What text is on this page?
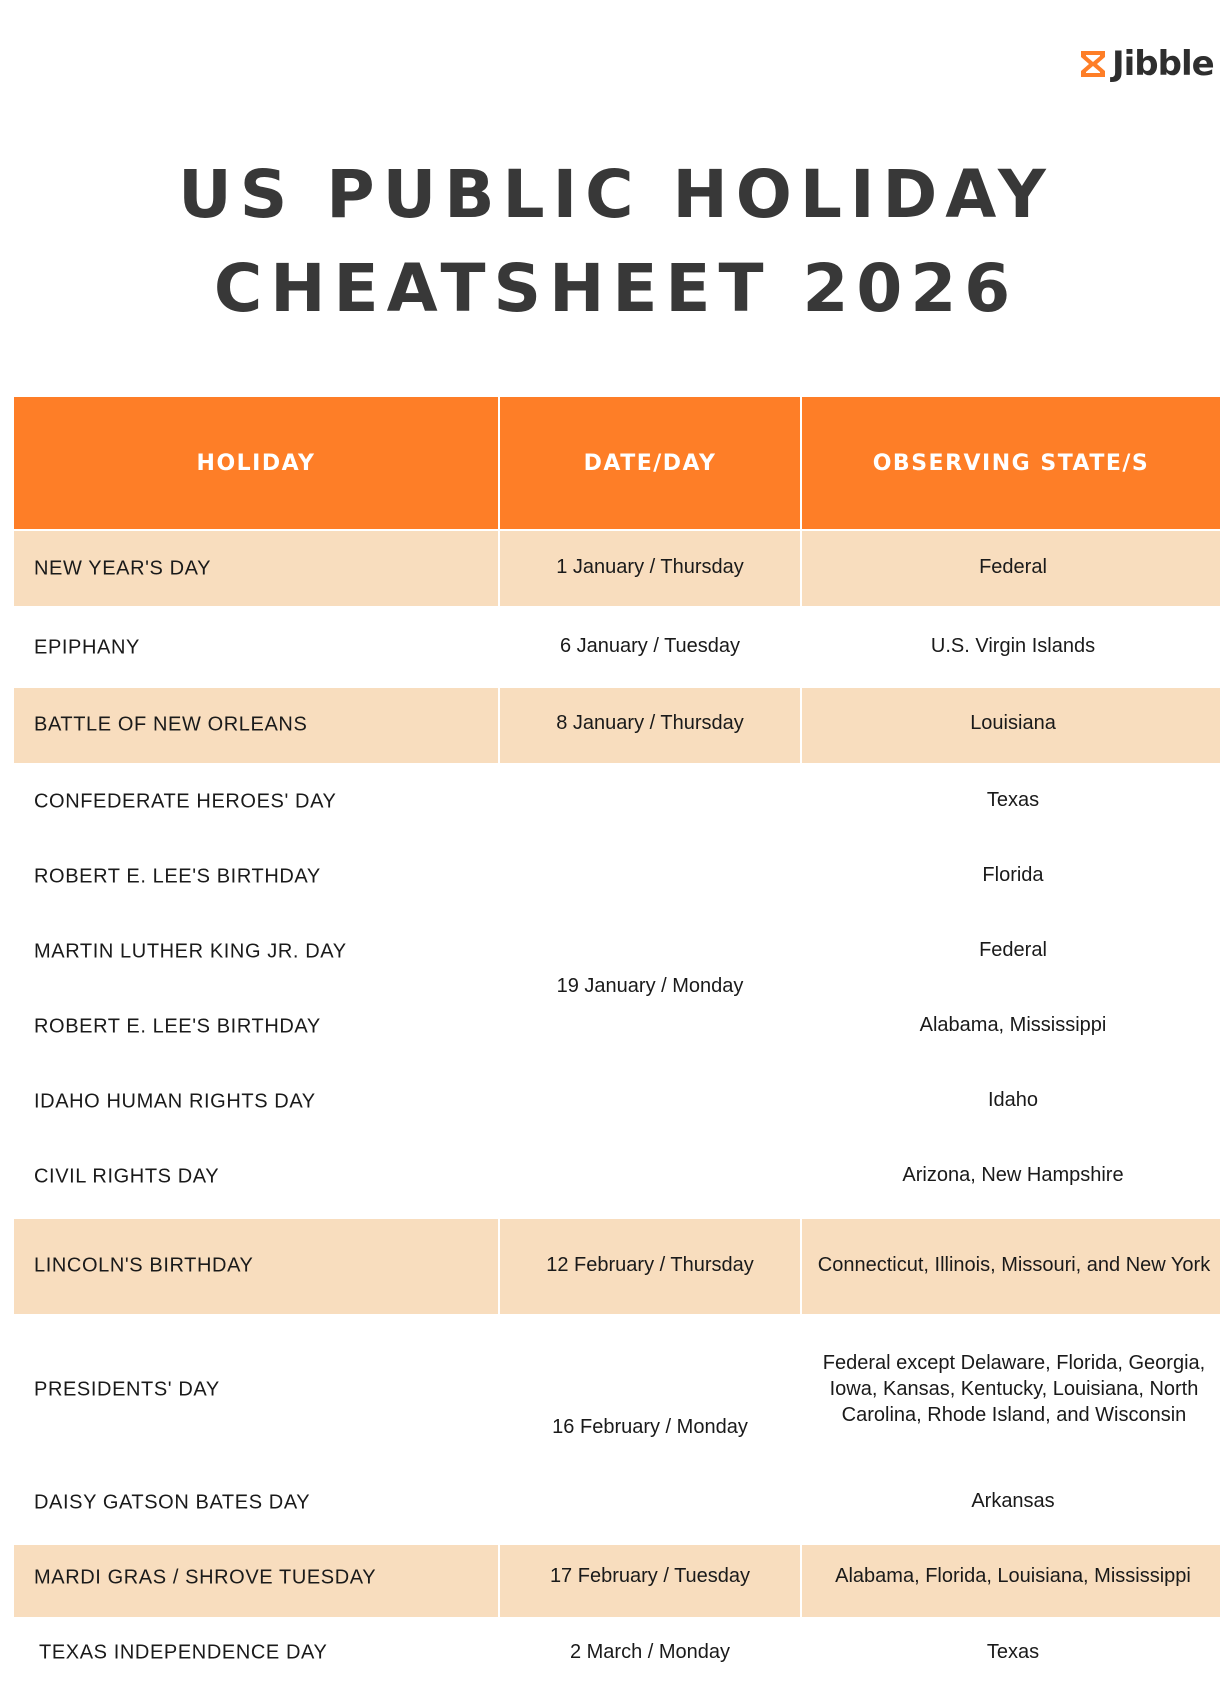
Jibble
US PUBLIC HOLIDAY
CHEATSHEET 2026
HOLIDAY	DATE/DAY	OBSERVING STATE/S
NEW YEAR'S DAY
EPIPHANY
BATTLE OF NEW ORLEANS
CONFEDERATE HEROES' DAY
ROBERT E. LEE'S BIRTHDAY
MARTIN LUTHER KING JR. DAY
ROBERT E. LEE'S BIRTHDAY
IDAHO HUMAN RIGHTS DAY
CIVIL RIGHTS DAY
LINCOLN'S BIRTHDAY
PRESIDENTS' DAY
DAISY GATSON BATES DAY
MARDI GRAS / SHROVE TUESDAY
TEXAS INDEPENDENCE DAY
1 January / Thursday
6 January / Tuesday
8 January / Thursday
19 January / Monday
12 February / Thursday
16 February / Monday
17 February / Tuesday
2 March / Monday
Federal
U.S. Virgin Islands
Louisiana
Texas
Florida
Federal
Alabama, Mississippi
Idaho
Arizona, New Hampshire
Connecticut, Illinois, Missouri, and New York
Federal except Delaware, Florida, Georgia, Iowa, Kansas, Kentucky, Louisiana, North Carolina, Rhode Island, and Wisconsin
Arkansas
Alabama, Florida, Louisiana, Mississippi
Texas
